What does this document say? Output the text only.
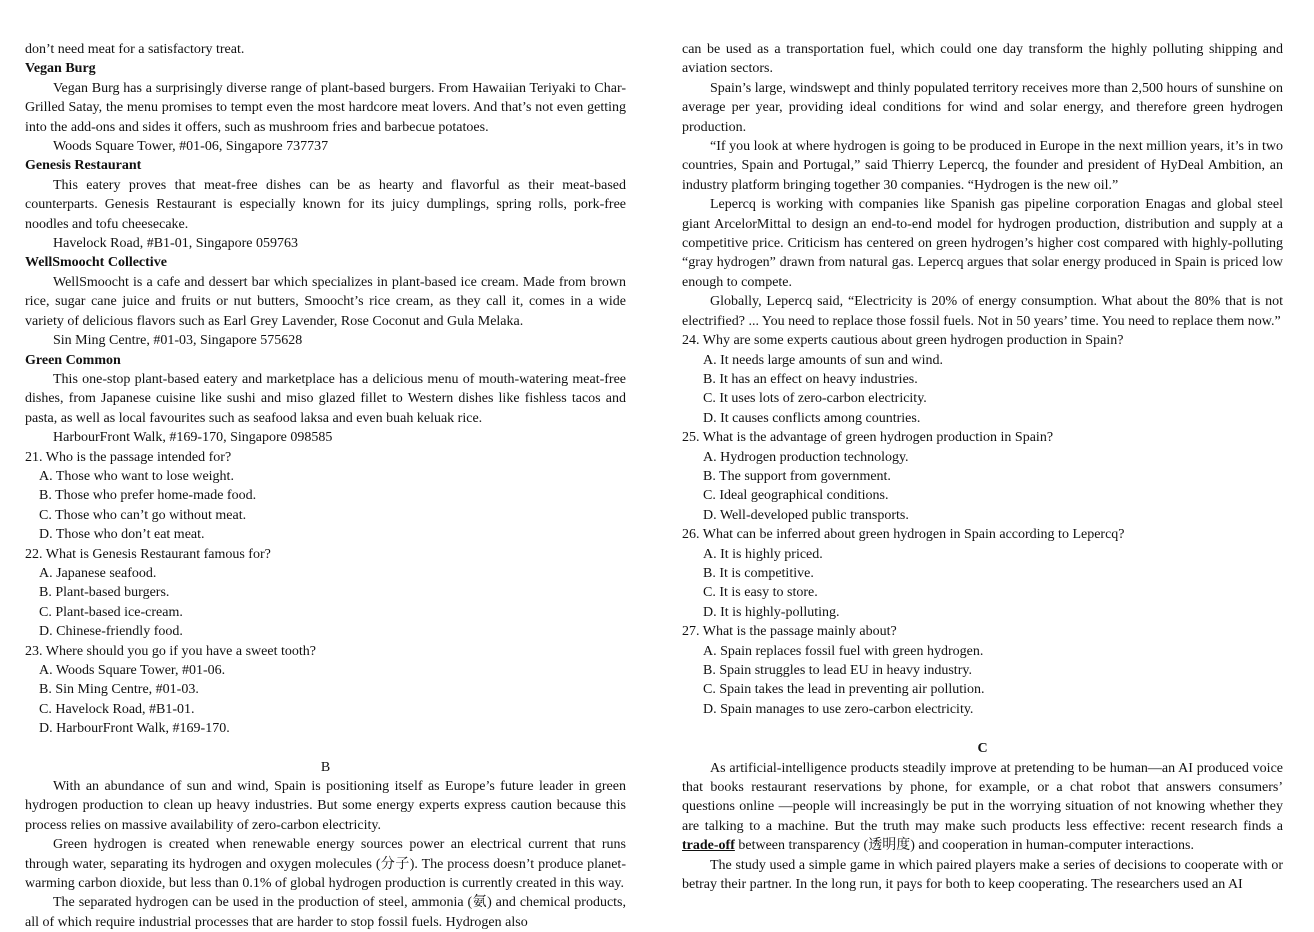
don’t need meat for a satisfactory treat.

Vegan Burg

Vegan Burg has a surprisingly diverse range of plant-based burgers. From Hawaiian Teriyaki to Char-Grilled Satay, the menu promises to tempt even the most hardcore meat lovers. And that’s not even getting into the add-ons and sides it offers, such as mushroom fries and barbecue potatoes.

Woods Square Tower, #01-06, Singapore 737737

Genesis Restaurant

This eatery proves that meat-free dishes can be as hearty and flavorful as their meat-based counterparts. Genesis Restaurant is especially known for its juicy dumplings, spring rolls, pork-free noodles and tofu cheesecake.

Havelock Road, #B1-01, Singapore 059763

WellSmoocht Collective

WellSmoocht is a cafe and dessert bar which specializes in plant-based ice cream. Made from brown rice, sugar cane juice and fruits or nut butters, Smoocht’s rice cream, as they call it, comes in a wide variety of delicious flavors such as Earl Grey Lavender, Rose Coconut and Gula Melaka.

Sin Ming Centre, #01-03, Singapore 575628

Green Common

This one-stop plant-based eatery and marketplace has a delicious menu of mouth-watering meat-free dishes, from Japanese cuisine like sushi and miso glazed fillet to Western dishes like fishless tacos and pasta, as well as local favourites such as seafood laksa and even buah keluak rice.

HarbourFront Walk, #169-170, Singapore 098585

21. Who is the passage intended for?

A. Those who want to lose weight.
B. Those who prefer home-made food.
C. Those who can’t go without meat.
D. Those who don’t eat meat.

22. What is Genesis Restaurant famous for?

A. Japanese seafood.
B. Plant-based burgers.
C. Plant-based ice-cream.
D. Chinese-friendly food.

23. Where should you go if you have a sweet tooth?

A. Woods Square Tower, #01-06.
B. Sin Ming Centre, #01-03.
C. Havelock Road, #B1-01.
D. HarbourFront Walk, #169-170.

B

With an abundance of sun and wind, Spain is positioning itself as Europe’s future leader in green hydrogen production to clean up heavy industries. But some energy experts express caution because this process relies on massive availability of zero-carbon electricity.

Green hydrogen is created when renewable energy sources power an electrical current that runs through water, separating its hydrogen and oxygen molecules (分子). The process doesn’t produce planet-warming carbon dioxide, but less than 0.1% of global hydrogen production is currently created in this way.

The separated hydrogen can be used in the production of steel, ammonia (氨) and chemical products, all of which require industrial processes that are harder to stop fossil fuels. Hydrogen also

can be used as a transportation fuel, which could one day transform the highly polluting shipping and aviation sectors.

Spain’s large, windswept and thinly populated territory receives more than 2,500 hours of sunshine on average per year, providing ideal conditions for wind and solar energy, and therefore green hydrogen production.

“If you look at where hydrogen is going to be produced in Europe in the next million years, it’s in two countries, Spain and Portugal,” said Thierry Lepercq, the founder and president of HyDeal Ambition, an industry platform bringing together 30 companies. “Hydrogen is the new oil.”

Lepercq is working with companies like Spanish gas pipeline corporation Enagas and global steel giant ArcelorMittal to design an end-to-end model for hydrogen production, distribution and supply at a competitive price. Criticism has centered on green hydrogen’s higher cost compared with highly-polluting “gray hydrogen” drawn from natural gas. Lepercq argues that solar energy produced in Spain is priced low enough to compete.

Globally, Lepercq said, “Electricity is 20% of energy consumption. What about the 80% that is not electrified? ... You need to replace those fossil fuels. Not in 50 years’ time. You need to replace them now.”

24. Why are some experts cautious about green hydrogen production in Spain?

A. It needs large amounts of sun and wind.
B. It has an effect on heavy industries.
C. It uses lots of zero-carbon electricity.
D. It causes conflicts among countries.

25. What is the advantage of green hydrogen production in Spain?

A. Hydrogen production technology.
B. The support from government.
C. Ideal geographical conditions.
D. Well-developed public transports.

26. What can be inferred about green hydrogen in Spain according to Lepercq?

A. It is highly priced.
B. It is competitive.
C. It is easy to store.
D. It is highly-polluting.

27. What is the passage mainly about?

A. Spain replaces fossil fuel with green hydrogen.
B. Spain struggles to lead EU in heavy industry.
C. Spain takes the lead in preventing air pollution.
D. Spain manages to use zero-carbon electricity.

C

As artificial-intelligence products steadily improve at pretending to be human—an AI produced voice that books restaurant reservations by phone, for example, or a chat robot that answers consumers’ questions online —people will increasingly be put in the worrying situation of not knowing whether they are talking to a machine. But the truth may make such products less effective: recent research finds a trade-off between transparency (透明度) and cooperation in human-computer interactions.

The study used a simple game in which paired players make a series of decisions to cooperate with or betray their partner. In the long run, it pays for both to keep cooperating. The researchers used an AI
